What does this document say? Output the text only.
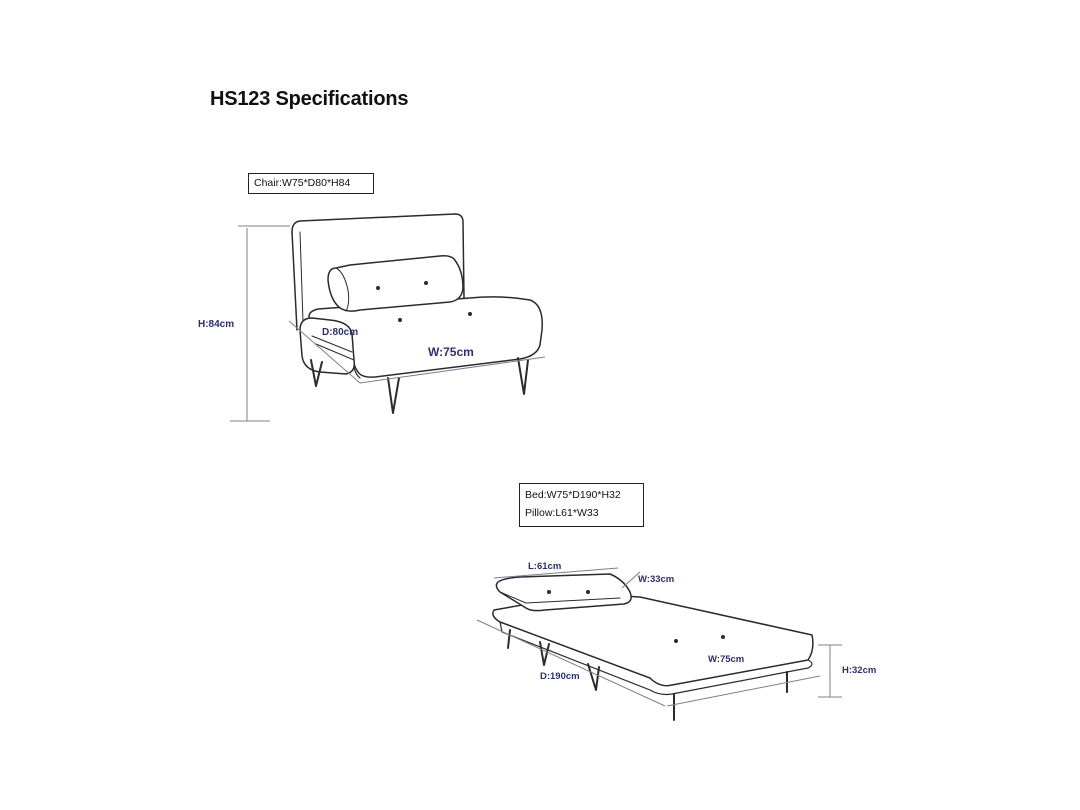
HS123 Specifications
Chair:W75*D80*H84
Bed:W75*D190*H32
Pillow:L61*W33
H:84cm
D:80cm
W:75cm
L:61cm
W:33cm
W:75cm
D:190cm
H:32cm
